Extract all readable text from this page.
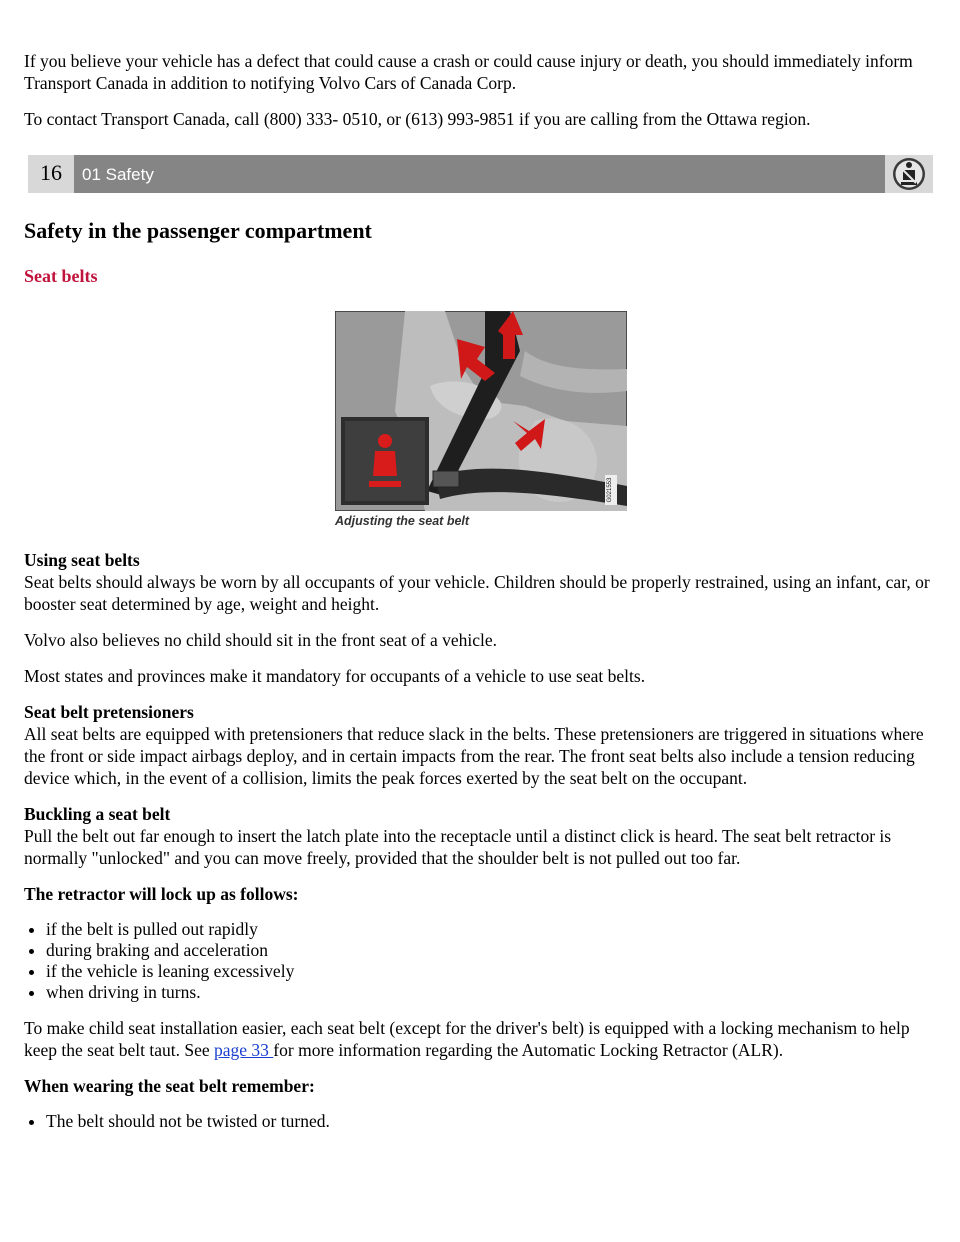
If you believe your vehicle has a defect that could cause a crash or could cause injury or death, you should immediately inform Transport Canada in addition to notifying Volvo Cars of Canada Corp.

To contact Transport Canada, call (800) 333- 0510, or (613) 993-9851 if you are calling from the Ottawa region.

16	01 Safety
Safety in the passenger compartment
Seat belts
G021553
Adjusting the seat belt

Using seat belts
Seat belts should always be worn by all occupants of your vehicle. Children should be properly restrained, using an infant, car, or booster seat determined by age, weight and height.

Volvo also believes no child should sit in the front seat of a vehicle.

Most states and provinces make it mandatory for occupants of a vehicle to use seat belts.

Seat belt pretensioners
All seat belts are equipped with pretensioners that reduce slack in the belts. These pretensioners are triggered in situations where the front or side impact airbags deploy, and in certain impacts from the rear. The front seat belts also include a tension reducing device which, in the event of a collision, limits the peak forces exerted by the seat belt on the occupant.

Buckling a seat belt
Pull the belt out far enough to insert the latch plate into the receptacle until a distinct click is heard. The seat belt retractor is normally "unlocked" and you can move freely, provided that the shoulder belt is not pulled out too far.

The retractor will lock up as follows:

• if the belt is pulled out rapidly
• during braking and acceleration
• if the vehicle is leaning excessively
• when driving in turns.

To make child seat installation easier, each seat belt (except for the driver's belt) is equipped with a locking mechanism to help keep the seat belt taut. See page 33 for more information regarding the Automatic Locking Retractor (ALR).

When wearing the seat belt remember:

• The belt should not be twisted or turned.
